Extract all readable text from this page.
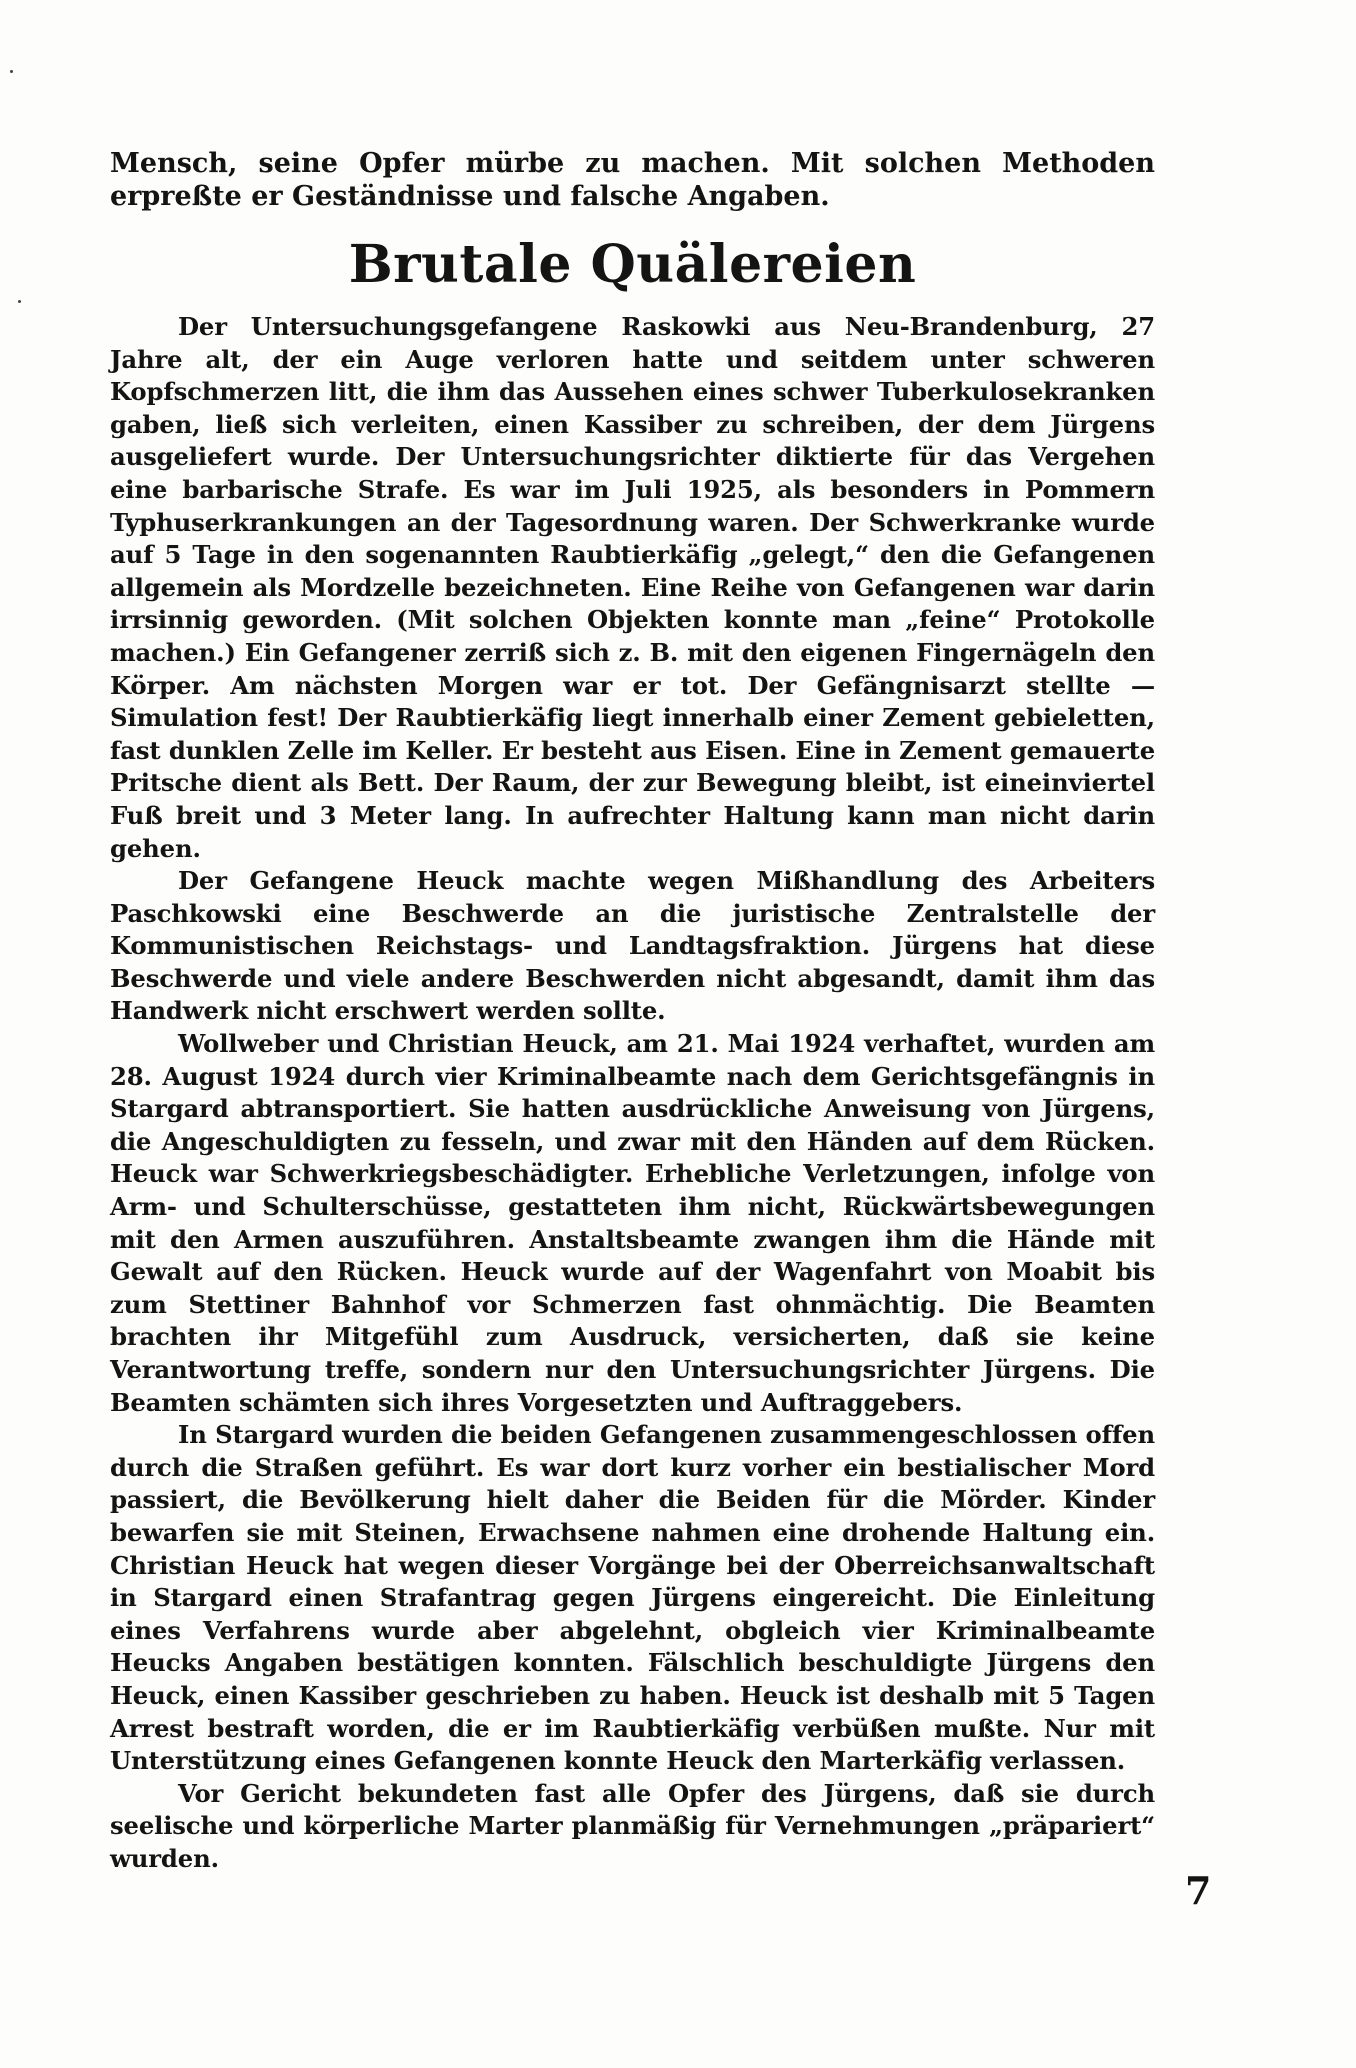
Mensch, seine Opfer mürbe zu machen. Mit solchen Methoden erpreßte er Geständnisse und falsche Angaben.

Brutale Quälereien

Der Untersuchungsgefangene Raskowki aus Neu-Brandenburg, 27 Jahre alt, der ein Auge verloren hatte und seitdem unter schweren Kopfschmerzen litt, die ihm das Aussehen eines schwer Tuberkulosekranken gaben, ließ sich verleiten, einen Kassiber zu schreiben, der dem Jürgens ausgeliefert wurde. Der Untersuchungsrichter diktierte für das Vergehen eine barbarische Strafe. Es war im Juli 1925, als besonders in Pommern Typhuserkrankungen an der Tagesordnung waren. Der Schwerkranke wurde auf 5 Tage in den sogenannten Raubtierkäfig „gelegt,“ den die Gefangenen allgemein als Mordzelle bezeichneten. Eine Reihe von Gefangenen war darin irrsinnig geworden. (Mit solchen Objekten konnte man „feine“ Protokolle machen.) Ein Gefangener zerriß sich z. B. mit den eigenen Fingernägeln den Körper. Am nächsten Morgen war er tot. Der Gefängnisarzt stellte — Simulation fest! Der Raubtierkäfig liegt innerhalb einer Zement gebieletten, fast dunklen Zelle im Keller. Er besteht aus Eisen. Eine in Zement gemauerte Pritsche dient als Bett. Der Raum, der zur Bewegung bleibt, ist eineinviertel Fuß breit und 3 Meter lang. In aufrechter Haltung kann man nicht darin gehen.

Der Gefangene Heuck machte wegen Mißhandlung des Arbeiters Paschkowski eine Beschwerde an die juristische Zentralstelle der Kommunistischen Reichstags- und Landtagsfraktion. Jürgens hat diese Beschwerde und viele andere Beschwerden nicht abgesandt, damit ihm das Handwerk nicht erschwert werden sollte.

Wollweber und Christian Heuck, am 21. Mai 1924 verhaftet, wurden am 28. August 1924 durch vier Kriminalbeamte nach dem Gerichtsgefängnis in Stargard abtransportiert. Sie hatten ausdrückliche Anweisung von Jürgens, die Angeschuldigten zu fesseln, und zwar mit den Händen auf dem Rücken. Heuck war Schwerkriegsbeschädigter. Erhebliche Verletzungen, infolge von Arm- und Schulterschüsse, gestatteten ihm nicht, Rückwärtsbewegungen mit den Armen auszuführen. Anstaltsbeamte zwangen ihm die Hände mit Gewalt auf den Rücken. Heuck wurde auf der Wagenfahrt von Moabit bis zum Stettiner Bahnhof vor Schmerzen fast ohnmächtig. Die Beamten brachten ihr Mitgefühl zum Ausdruck, versicherten, daß sie keine Verantwortung treffe, sondern nur den Untersuchungsrichter Jürgens. Die Beamten schämten sich ihres Vorgesetzten und Auftraggebers.

In Stargard wurden die beiden Gefangenen zusammengeschlossen offen durch die Straßen geführt. Es war dort kurz vorher ein bestialischer Mord passiert, die Bevölkerung hielt daher die Beiden für die Mörder. Kinder bewarfen sie mit Steinen, Erwachsene nahmen eine drohende Haltung ein. Christian Heuck hat wegen dieser Vorgänge bei der Oberreichsanwaltschaft in Stargard einen Strafantrag gegen Jürgens eingereicht. Die Einleitung eines Verfahrens wurde aber abgelehnt, obgleich vier Kriminalbeamte Heucks Angaben bestätigen konnten. Fälschlich beschuldigte Jürgens den Heuck, einen Kassiber geschrieben zu haben. Heuck ist deshalb mit 5 Tagen Arrest bestraft worden, die er im Raubtierkäfig verbüßen mußte. Nur mit Unterstützung eines Gefangenen konnte Heuck den Marterkäfig verlassen.

Vor Gericht bekundeten fast alle Opfer des Jürgens, daß sie durch seelische und körperliche Marter planmäßig für Vernehmungen „präpariert“ wurden.

7
